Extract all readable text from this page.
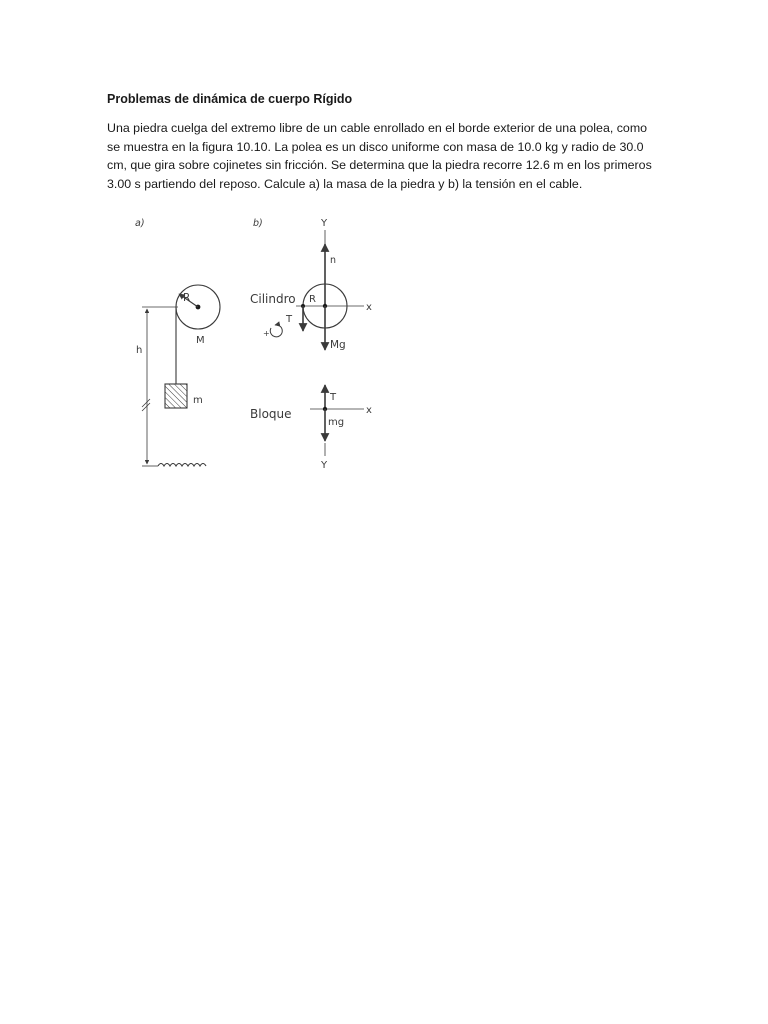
Problemas de dinámica de cuerpo Rígido

Una piedra cuelga del extremo libre de un cable enrollado en el borde exterior de una polea, como
se muestra en la figura 10.10. La polea es un disco uniforme con masa de 10.0 kg y radio de 30.0
cm, que gira sobre cojinetes sin fricción. Se determina que la piedra recorre 12.6 m en los primeros
3.00 s partiendo del reposo. Calcule a) la masa de la piedra y b) la tensión en el cable.

a)
R
M
m
h
b)	Y
n
x
R
Cilindro
T
Mg
+
T
x
mg
Y
Bloque
